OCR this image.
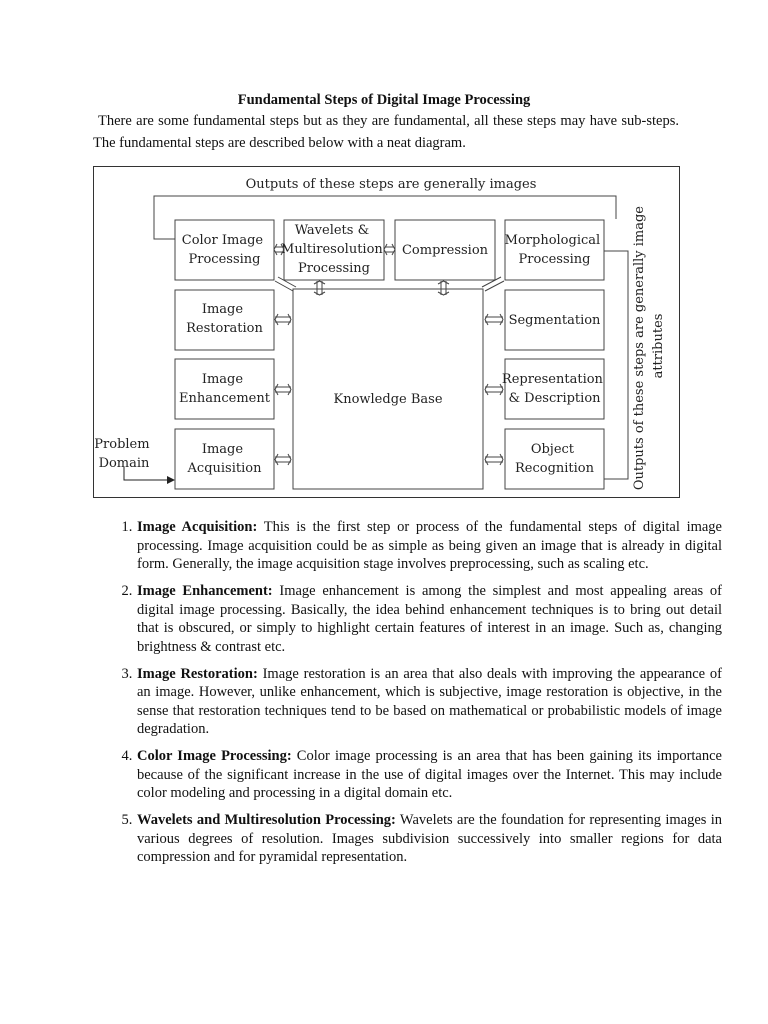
Fundamental Steps of Digital Image Processing

There are some fundamental steps but as they are fundamental, all these steps may have sub-steps. The fundamental steps are described below with a neat diagram.

Knowledge Base
Color Image Processing
Wavelets & Multiresolution Processing
Compression
Morphological Processing
Image Restoration
Segmentation
Image Enhancement
Representation & Description
Image Acquisition
Object Recognition
Outputs of these steps are generally images
Outputs of these steps are generally image attributes
Problem Domain
1. Image Acquisition: This is the first step or process of the fundamental steps of digital image processing. Image acquisition could be as simple as being given an image that is already in digital form. Generally, the image acquisition stage involves preprocessing, such as scaling etc.
2. Image Enhancement: Image enhancement is among the simplest and most appealing areas of digital image processing. Basically, the idea behind enhancement techniques is to bring out detail that is obscured, or simply to highlight certain features of interest in an image. Such as, changing brightness & contrast etc.
3. Image Restoration: Image restoration is an area that also deals with improving the appearance of an image. However, unlike enhancement, which is subjective, image restoration is objective, in the sense that restoration techniques tend to be based on mathematical or probabilistic models of image degradation.
4. Color Image Processing: Color image processing is an area that has been gaining its importance because of the significant increase in the use of digital images over the Internet. This may include color modeling and processing in a digital domain etc.
5. Wavelets and Multiresolution Processing: Wavelets are the foundation for representing images in various degrees of resolution. Images subdivision successively into smaller regions for data compression and for pyramidal representation.
